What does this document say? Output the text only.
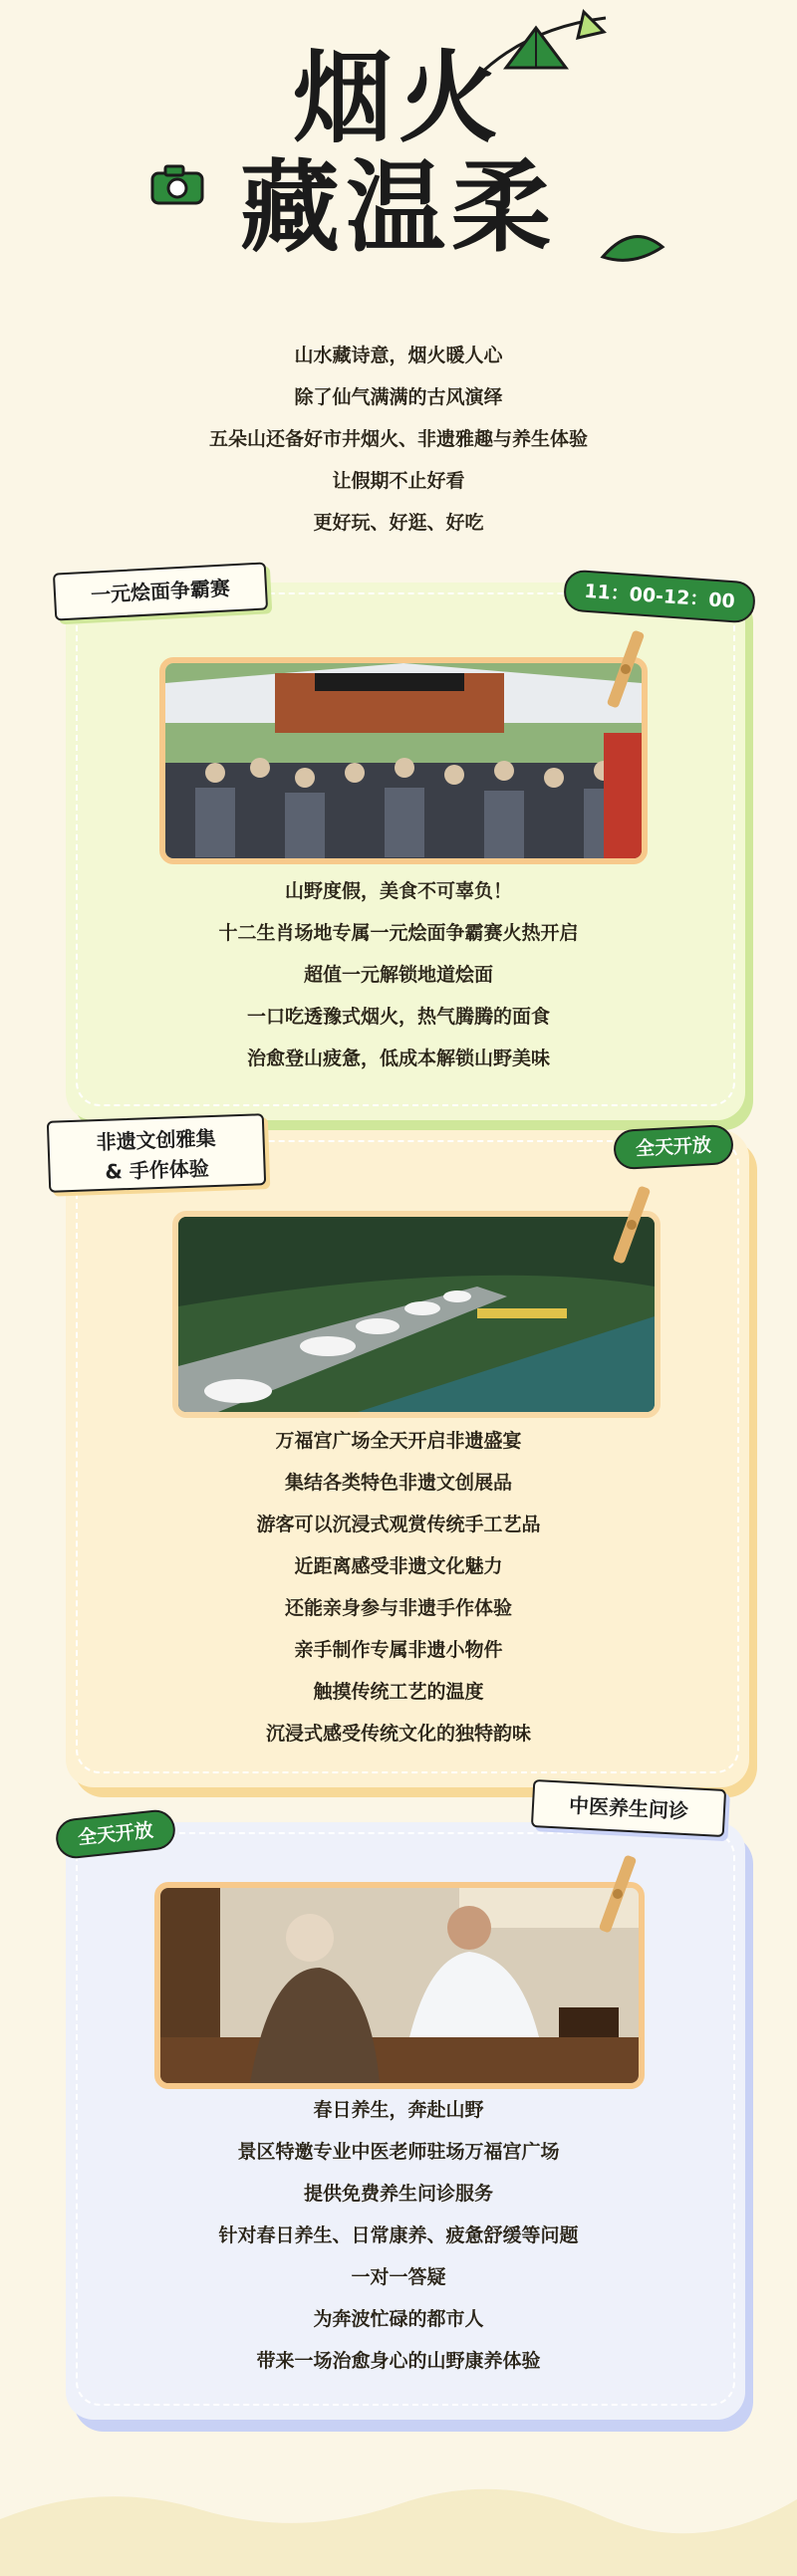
烟火
藏温柔
山水藏诗意，烟火暖人心
除了仙气满满的古风演绎
五朵山还备好市井烟火、非遗雅趣与养生体验
让假期不止好看
更好玩、好逛、好吃
一元烩面争霸赛	11：00-12：00
山野度假，美食不可辜负！
十二生肖场地专属一元烩面争霸赛火热开启
超值一元解锁地道烩面
一口吃透豫式烟火，热气腾腾的面食
治愈登山疲惫，低成本解锁山野美味
非遗文创雅集
& 手作体验
全天开放
万福宫广场全天开启非遗盛宴
集结各类特色非遗文创展品
游客可以沉浸式观赏传统手工艺品
近距离感受非遗文化魅力
还能亲身参与非遗手作体验
亲手制作专属非遗小物件
触摸传统工艺的温度
沉浸式感受传统文化的独特韵味
中医养生问诊
全天开放
春日养生，奔赴山野
景区特邀专业中医老师驻场万福宫广场
提供免费养生问诊服务
针对春日养生、日常康养、疲惫舒缓等问题
一对一答疑
为奔波忙碌的都市人
带来一场治愈身心的山野康养体验
